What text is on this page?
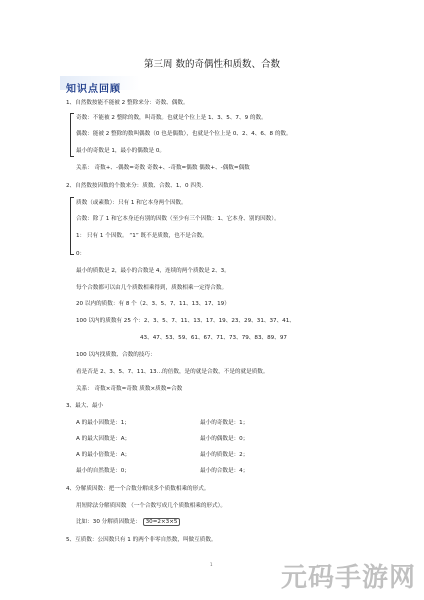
第三周 数的奇偶性和质数、合数
知识点回顾
1、自然数按能不能被 2 整除来分：奇数、偶数。
奇数：不能被 2 整除的数，叫奇数。也就是个位上是 1、3、5、7、9 的数。
偶数：能被 2 整除的数叫偶数（0 也是偶数），也就是个位上是 0、2、4、6、8 的数。
最小的奇数是 1，最小的偶数是 0。
关系： 奇数+、-偶数=奇数 奇数+、-奇数=偶数 偶数+、-偶数=偶数
2、自然数按因数的个数来分：质数、合数、1、0 四类.
质数（或素数）：只有 1 和它本身两个因数。
合数：除了 1 和它本身还有别的因数（至少有三个因数：1、它本身、别的因数）。
1： 只有 1 个因数。 “1” 既不是质数，也不是合数。
0：
最小的质数是 2，最小的合数是 4，连续的两个质数是 2、3。
每个合数都可以由几个质数相乘得到，质数相乘一定得合数。
20 以内的质数：有 8 个（2、3、5、7、11、13、17、19）
100 以内的质数有 25 个：2、3、5、7、11、13、17、19、23、29、31、37、41、
43、47、53、59、61、67、71、73、79、83、89、97
100 以内找质数、合数的技巧：
看是否是 2、3、5、7、11、13…的倍数，是的就是合数，不是的就是质数。
关系： 奇数×奇数=奇数 质数×质数=合数
3、最大、最小
A 的最小因数是：1；	最小的奇数是：1；
A 的最大因数是：A；	最小的偶数是：0；
A 的最小倍数是：A；	最小的质数是：2；
最小的自然数是：0；	最小的合数是：4；
4、分解质因数：把一个合数分解成多个质数相乘的形式。
用短除法分解质因数 （一个合数写成几个质数相乘的形式）。
比如：30 分解质因数是： 30=2×3×5
5、互质数：公因数只有 1 的两个非零自然数，叫做互质数。
1	元码手游网
